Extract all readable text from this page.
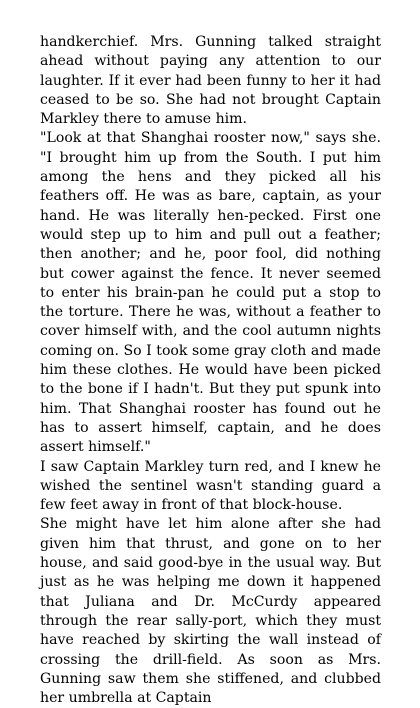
handkerchief. Mrs. Gunning talked straight ahead without paying any attention to our laughter. If it ever had been funny to her it had ceased to be so. She had not brought Captain Markley there to amuse him.

"Look at that Shanghai rooster now," says she. "I brought him up from the South. I put him among the hens and they picked all his feathers off. He was as bare, captain, as your hand. He was literally hen-pecked. First one would step up to him and pull out a feather; then another; and he, poor fool, did nothing but cower against the fence. It never seemed to enter his brain-pan he could put a stop to the torture. There he was, without a feather to cover himself with, and the cool autumn nights coming on. So I took some gray cloth and made him these clothes. He would have been picked to the bone if I hadn't. But they put spunk into him. That Shanghai rooster has found out he has to assert himself, captain, and he does assert himself."

I saw Captain Markley turn red, and I knew he wished the sentinel wasn't standing guard a few feet away in front of that block-house.

She might have let him alone after she had given him that thrust, and gone on to her house, and said good-bye in the usual way. But just as he was helping me down it happened that Juliana and Dr. McCurdy appeared through the rear sally-port, which they must have reached by skirting the wall instead of crossing the drill-field. As soon as Mrs. Gunning saw them she stiffened, and clubbed her umbrella at Captain
